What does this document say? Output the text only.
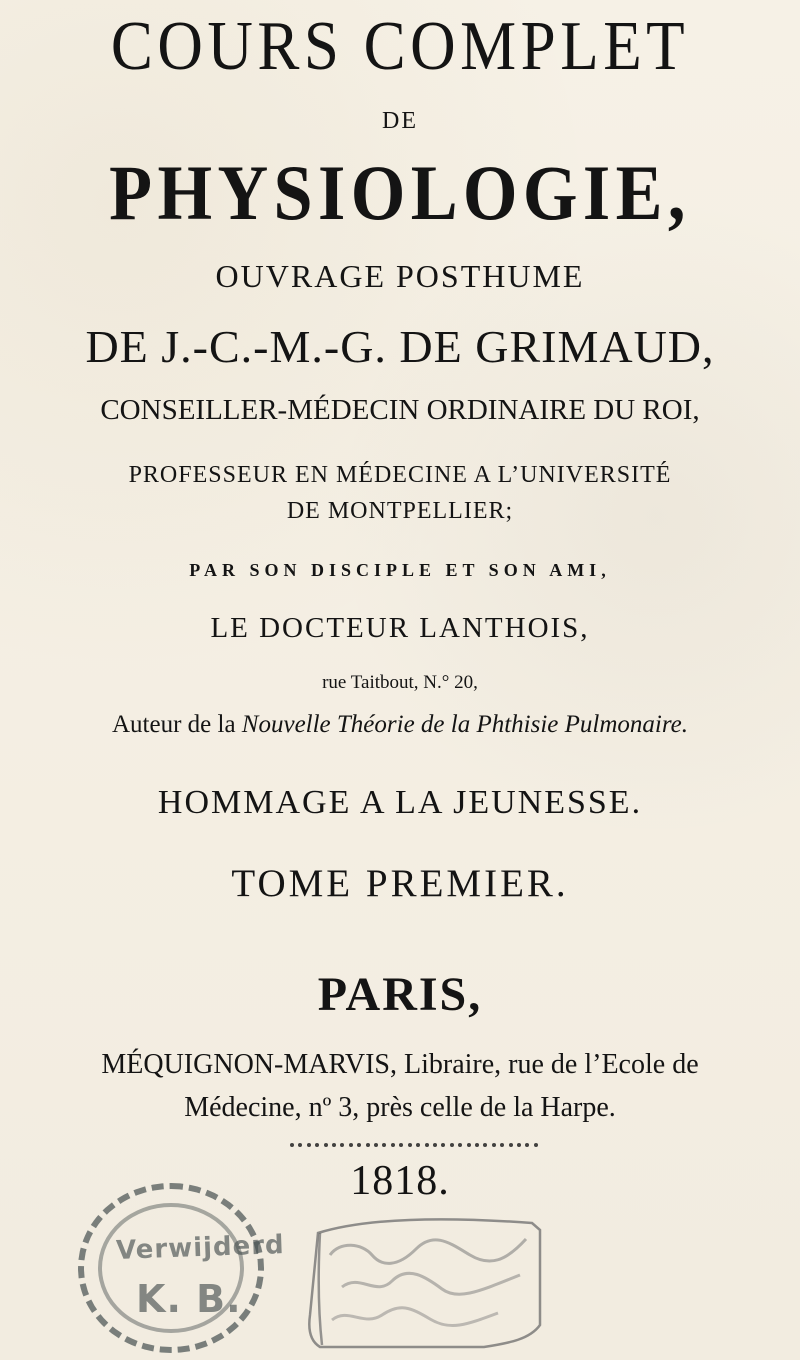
COURS COMPLET
DE
PHYSIOLOGIE,
OUVRAGE POSTHUME
DE J.-C.-M.-G. DE GRIMAUD,
CONSEILLER-MÉDECIN ORDINAIRE DU ROI,
PROFESSEUR EN MÉDECINE A L’UNIVERSITÉ
DE MONTPELLIER;
PAR SON DISCIPLE ET SON AMI,
LE DOCTEUR LANTHOIS,
rue Taitbout, N.° 20,
Auteur de la Nouvelle Théorie de la Phthisie Pulmonaire.
HOMMAGE A LA JEUNESSE.
TOME PREMIER.
PARIS,
MÉQUIGNON-MARVIS, Libraire, rue de l’Ecole de
Médecine, nº 3, près celle de la Harpe.
1818.
Verwijderd
K. B.
